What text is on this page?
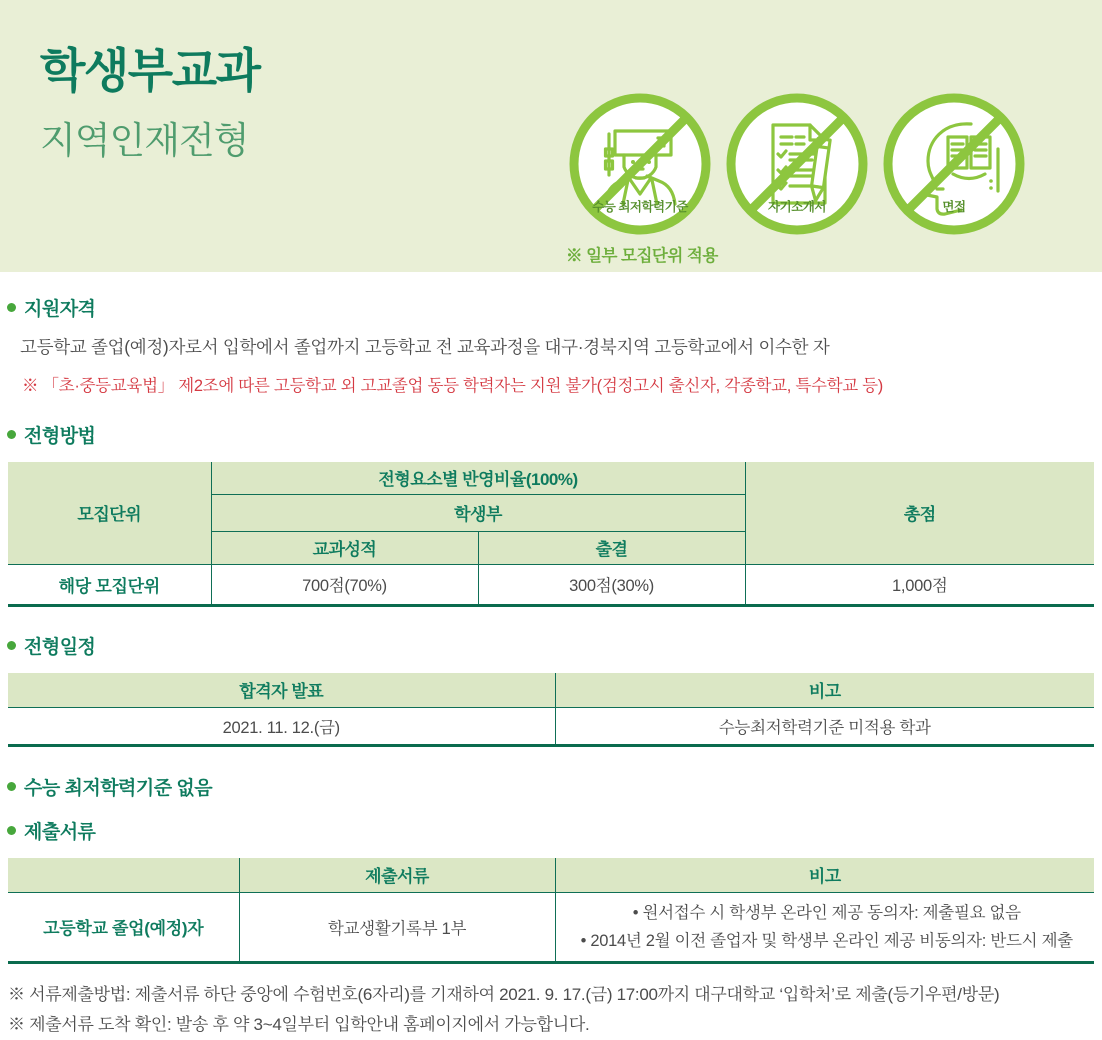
학생부교과
지역인재전형
수능 최저학력기준	자기소개서	면접
※ 일부 모집단위 적용
지원자격

고등학교 졸업(예정)자로서 입학에서 졸업까지 고등학교 전 교육과정을 대구·경북지역 고등학교에서 이수한 자

※ 「초·중등교육법」 제2조에 따른 고등학교 외 고교졸업 동등 학력자는 지원 불가(검정고시 출신자, 각종학교, 특수학교 등)

전형방법
모집단위	전형요소별 반영비율(100%)		총점
	학생부		
	교과성적	출결	
해당 모집단위	700점(70%)	300점(30%)	1,000점
전형일정
합격자 발표	비고
2021. 11. 12.(금)	수능최저학력기준 미적용 학과
수능 최저학력기준 없음
제출서류
	제출서류	비고
고등학교 졸업(예정)자	학교생활기록부 1부	• 원서접수 시 학생부 온라인 제공 동의자: 제출필요 없음
• 2014년 2월 이전 졸업자 및 학생부 온라인 제공 비동의자: 반드시 제출

※ 서류제출방법: 제출서류 하단 중앙에 수험번호(6자리)를 기재하여 2021. 9. 17.(금) 17:00까지 대구대학교 ‘입학처’로 제출(등기우편/방문)

※ 제출서류 도착 확인: 발송 후 약 3~4일부터 입학안내 홈페이지에서 가능합니다.
